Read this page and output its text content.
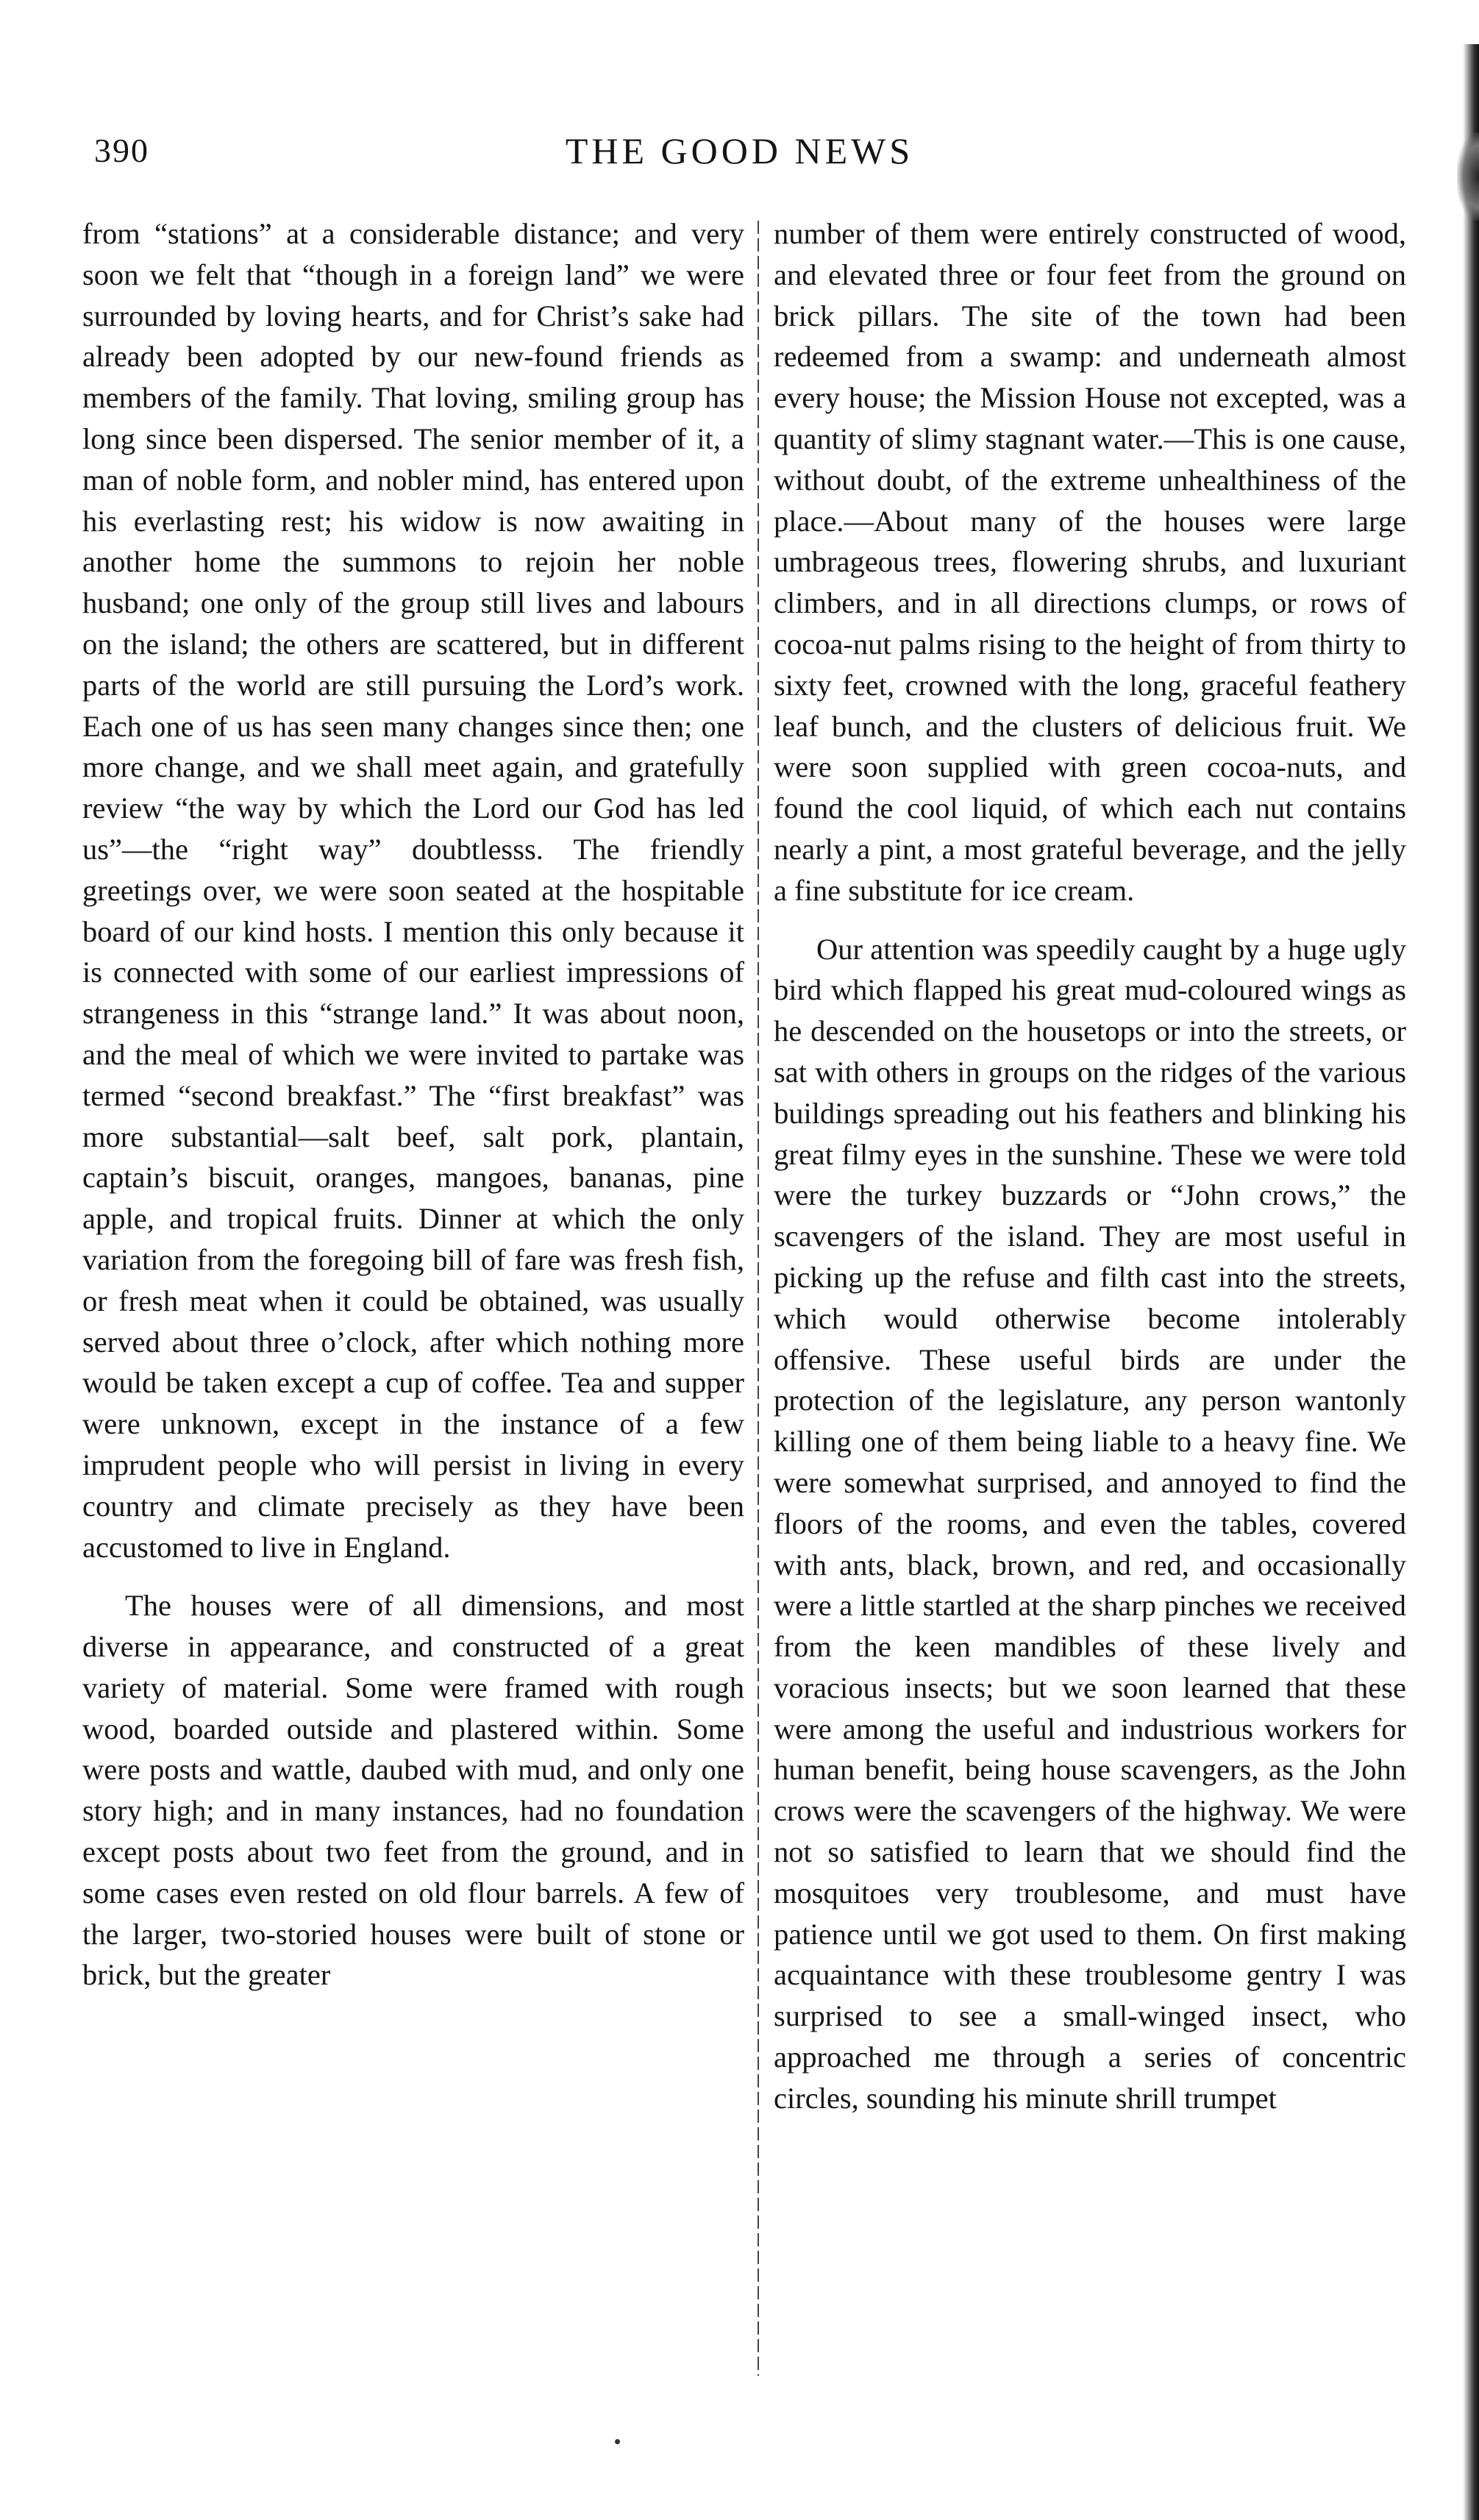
390	THE GOOD NEWS

from “stations” at a considerable distance; and very soon we felt that “though in a foreign land” we were surrounded by loving hearts, and for Christ’s sake had already been adopted by our new-found friends as members of the family. That loving, smiling group has long since been dispersed. The senior member of it, a man of noble form, and nobler mind, has entered upon his everlasting rest; his widow is now awaiting in another home the summons to rejoin her noble husband; one only of the group still lives and labours on the island; the others are scattered, but in different parts of the world are still pursuing the Lord’s work. Each one of us has seen many changes since then; one more change, and we shall meet again, and gratefully review “the way by which the Lord our God has led us”—the “right way” doubtlesss. The friendly greetings over, we were soon seated at the hospitable board of our kind hosts. I mention this only because it is connected with some of our earliest impressions of strangeness in this “strange land.” It was about noon, and the meal of which we were invited to partake was termed “second breakfast.” The “first breakfast” was more substantial—salt beef, salt pork, plantain, captain’s biscuit, oranges, mangoes, bananas, pine apple, and tropical fruits. Dinner at which the only variation from the foregoing bill of fare was fresh fish, or fresh meat when it could be obtained, was usually served about three o’clock, after which nothing more would be taken except a cup of coffee. Tea and supper were unknown, except in the instance of a few imprudent people who will persist in living in every country and climate precisely as they have been accustomed to live in England.

The houses were of all dimensions, and most diverse in appearance, and constructed of a great variety of material. Some were framed with rough wood, boarded outside and plastered within. Some were posts and wattle, daubed with mud, and only one story high; and in many instances, had no foundation except posts about two feet from the ground, and in some cases even rested on old flour barrels. A few of the larger, two-storied houses were built of stone or brick, but the greater

number of them were entirely constructed of wood, and elevated three or four feet from the ground on brick pillars. The site of the town had been redeemed from a swamp: and underneath almost every house; the Mission House not excepted, was a quantity of slimy stagnant water.—This is one cause, without doubt, of the extreme unhealthiness of the place.—About many of the houses were large umbrageous trees, flowering shrubs, and luxuriant climbers, and in all directions clumps, or rows of cocoa-nut palms rising to the height of from thirty to sixty feet, crowned with the long, graceful feathery leaf bunch, and the clusters of delicious fruit. We were soon supplied with green cocoa-nuts, and found the cool liquid, of which each nut contains nearly a pint, a most grateful beverage, and the jelly a fine substitute for ice cream.

Our attention was speedily caught by a huge ugly bird which flapped his great mud-coloured wings as he descended on the housetops or into the streets, or sat with others in groups on the ridges of the various buildings spreading out his feathers and blinking his great filmy eyes in the sunshine. These we were told were the turkey buzzards or “John crows,” the scavengers of the island. They are most useful in picking up the refuse and filth cast into the streets, which would otherwise become intolerably offensive. These useful birds are under the protection of the legislature, any person wantonly killing one of them being liable to a heavy fine. We were somewhat surprised, and annoyed to find the floors of the rooms, and even the tables, covered with ants, black, brown, and red, and occasionally were a little startled at the sharp pinches we received from the keen mandibles of these lively and voracious insects; but we soon learned that these were among the useful and industrious workers for human benefit, being house scavengers, as the John crows were the scavengers of the highway. We were not so satisfied to learn that we should find the mosquitoes very troublesome, and must have patience until we got used to them. On first making acquaintance with these troublesome gentry I was surprised to see a small-winged insect, who approached me through a series of concentric circles, sounding his minute shrill trumpet
